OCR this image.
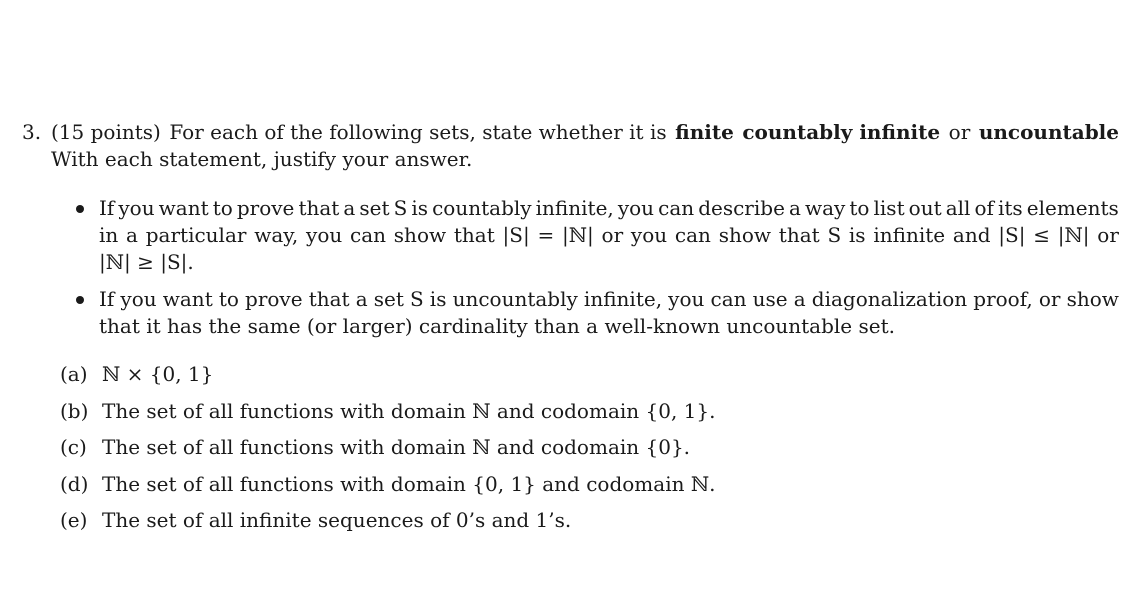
3. (15 points) For each of the following sets, state whether it is finite countably infinite or uncountable
With each statement, justify your answer.
If you want to prove that a set S is countably infinite, you can describe a way to list out all of its elements
in a particular way, you can show that |S| = |ℕ| or you can show that S is infinite and |S| ≤ |ℕ| or
|ℕ| ≥ |S|.
If you want to prove that a set S is uncountably infinite, you can use a diagonalization proof, or show
that it has the same (or larger) cardinality than a well-known uncountable set.
(a) ℕ × {0, 1}
(b) The set of all functions with domain ℕ and codomain {0, 1}.
(c) The set of all functions with domain ℕ and codomain {0}.
(d) The set of all functions with domain {0, 1} and codomain ℕ.
(e) The set of all infinite sequences of 0’s and 1’s.
